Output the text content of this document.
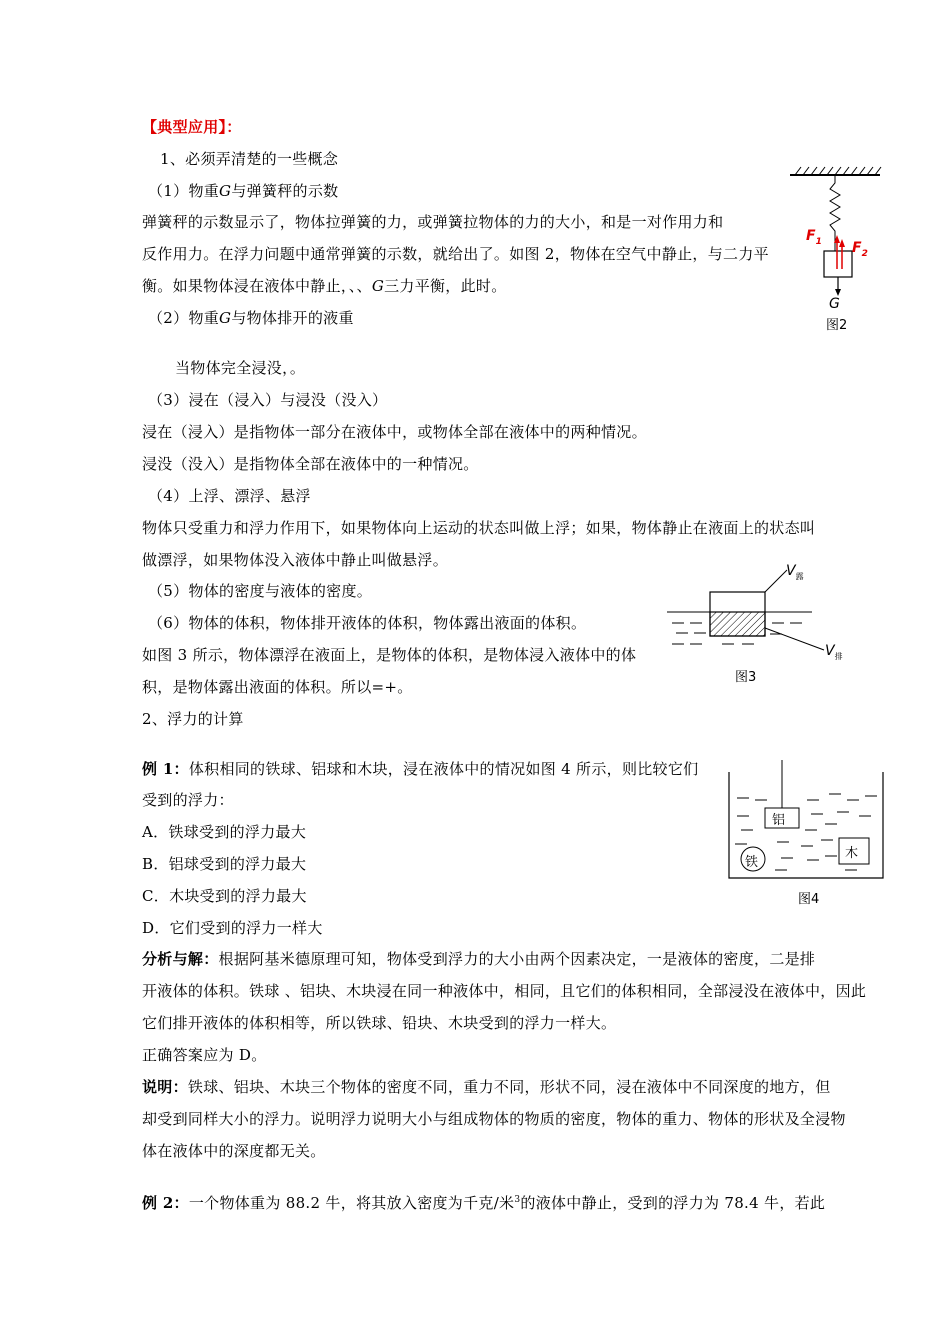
【典型应用】：
1、必须弄清楚的一些概念
（1）物重G与弹簧秤的示数
弹簧秤的示数显示了，物体拉弹簧的力，或弹簧拉物体的力的大小，和是一对作用力和
反作用力。在浮力问题中通常弹簧的示数，就给出了。如图 2，物体在空气中静止，与二力平
衡。如果物体浸在液体中静止，、、G三力平衡，此时。
（2）物重G与物体排开的液重
当物体完全浸没，。
（3）浸在（浸入）与浸没（没入）
浸在（浸入）是指物体一部分在液体中，或物体全部在液体中的两种情况。
浸没（没入）是指物体全部在液体中的一种情况。
（4）上浮、漂浮、悬浮
物体只受重力和浮力作用下，如果物体向上运动的状态叫做上浮；如果，物体静止在液面上的状态叫
做漂浮，如果物体没入液体中静止叫做悬浮。
（5）物体的密度与液体的密度。
（6）物体的体积，物体排开液体的体积，物体露出液面的体积。
如图 3 所示，物体漂浮在液面上，是物体的体积，是物体浸入液体中的体
积，是物体露出液面的体积。所以=+。
2、浮力的计算
例 1：体积相同的铁球、铝球和木块，浸在液体中的情况如图 4 所示，则比较它们
受到的浮力：
A．铁球受到的浮力最大
B．铝球受到的浮力最大
C．木块受到的浮力最大
D．它们受到的浮力一样大
分析与解：根据阿基米德原理可知，物体受到浮力的大小由两个因素决定，一是液体的密度，二是排
开液体的体积。铁球 、铝块、木块浸在同一种液体中，相同，且它们的体积相同，全部浸没在液体中，因此
它们排开液体的体积相等，所以铁球、铅块、木块受到的浮力一样大。
正确答案应为 D。
说明：铁球、铝块、木块三个物体的密度不同，重力不同，形状不同，浸在液体中不同深度的地方，但
却受到同样大小的浮力。说明浮力说明大小与组成物体的物质的密度，物体的重力、物体的形状及全浸物
体在液体中的深度都无关。
例 2：一个物体重为 88.2 牛，将其放入密度为千克/米$^3$的液体中静止，受到的浮力为 78.4 牛，若此
$F_1$ $F_2$
G
图2
$V_露$
$V_排$
图3
铝
木
铁
图4
